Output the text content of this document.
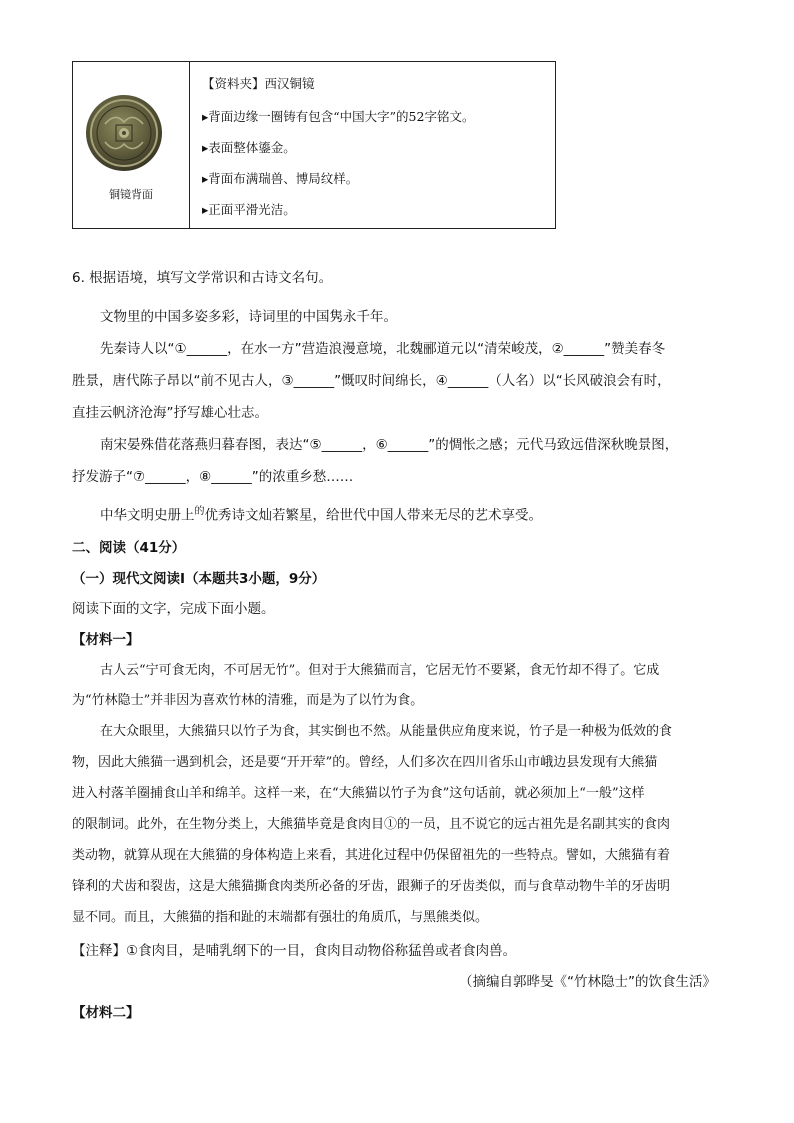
铜镜背面
【资料夹】西汉铜镜
▸背面边缘一圈铸有包含“中国大字”的52字铭文。
▸表面整体鎏金。
▸背面布满瑞兽、博局纹样。
▸正面平滑光洁。
6. 根据语境，填写文学常识和古诗文名句。
文物里的中国多姿多彩，诗词里的中国隽永千年。
先秦诗人以“①______，在水一方”营造浪漫意境，北魏郦道元以“清荣峻茂，②______”赞美春冬
胜景，唐代陈子昂以“前不见古人，③______”慨叹时间绵长，④______（人名）以“长风破浪会有时，
直挂云帆济沧海”抒写雄心壮志。
南宋晏殊借花落燕归暮春图，表达“⑤______，⑥______”的惆怅之感；元代马致远借深秋晚景图，
抒发游子“⑦______，⑧______”的浓重乡愁……
中华文明史册上$^的$优秀诗文灿若繁星，给世代中国人带来无尽的艺术享受。
二、阅读（41分）
（一）现代文阅读Ⅰ（本题共3小题，9分）
阅读下面的文字，完成下面小题。
【材料一】
古人云“宁可食无肉，不可居无竹”。但对于大熊猫而言，它居无竹不要紧，食无竹却不得了。它成
为“竹林隐士”并非因为喜欢竹林的清雅，而是为了以竹为食。
在大众眼里，大熊猫只以竹子为食，其实倒也不然。从能量供应角度来说，竹子是一种极为低效的食
物，因此大熊猫一遇到机会，还是要“开开荤”的。曾经，人们多次在四川省乐山市峨边县发现有大熊猫
进入村落羊圈捕食山羊和绵羊。这样一来，在“大熊猫以竹子为食”这句话前，就必须加上“一般”这样
的限制词。此外，在生物分类上，大熊猫毕竟是食肉目①的一员，且不说它的远古祖先是名副其实的食肉
类动物，就算从现在大熊猫的身体构造上来看，其进化过程中仍保留祖先的一些特点。譬如，大熊猫有着
锋利的犬齿和裂齿，这是大熊猫撕食肉类所必备的牙齿，跟狮子的牙齿类似，而与食草动物牛羊的牙齿明
显不同。而且，大熊猫的指和趾的末端都有强壮的角质爪，与黑熊类似。
【注释】①食肉目，是哺乳纲下的一目，食肉目动物俗称猛兽或者食肉兽。
（摘编自郭晔旻《“竹林隐士”的饮食生活》
【材料二】
